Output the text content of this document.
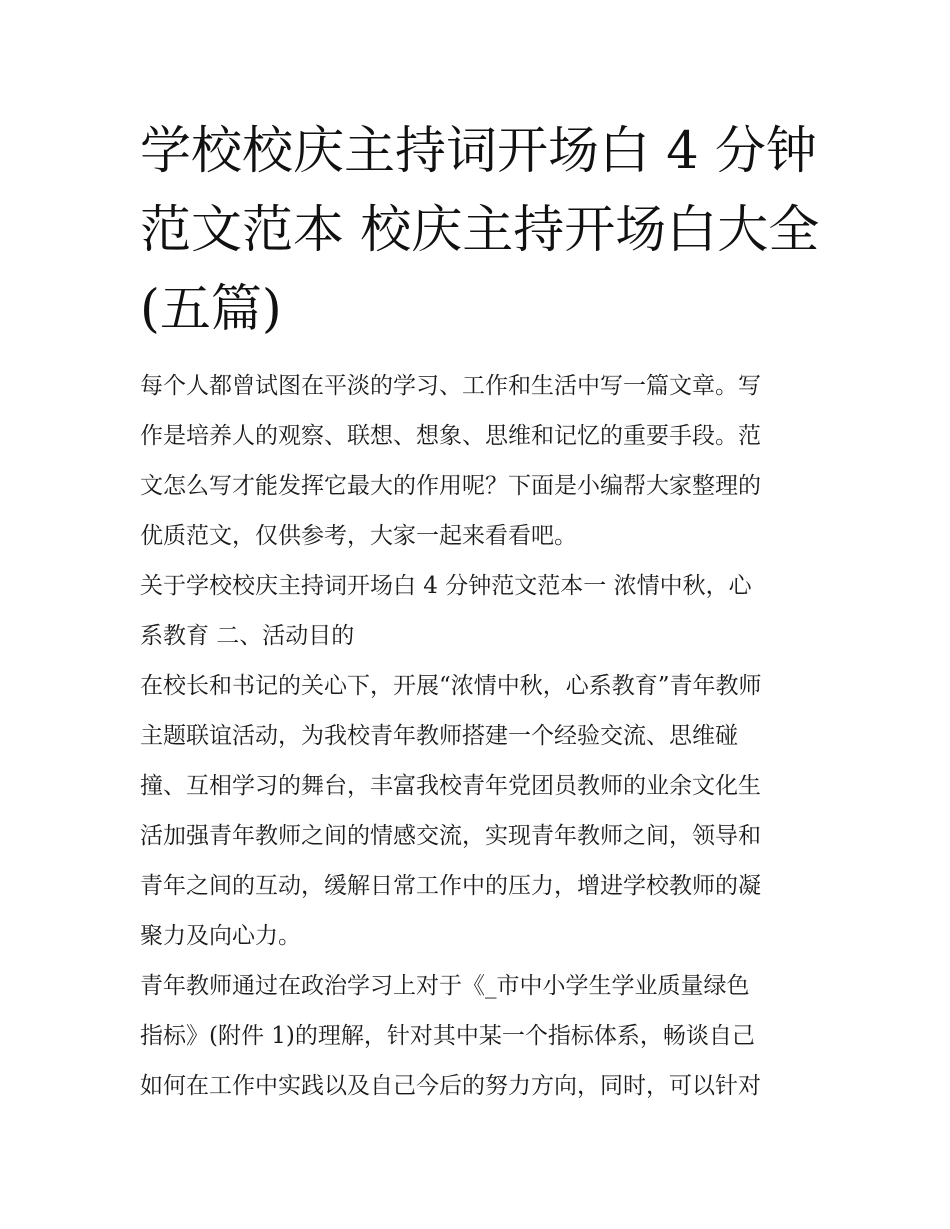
学校校庆主持词开场白 4 分钟
范文范本 校庆主持开场白大全
(五篇)

每个人都曾试图在平淡的学习、工作和生活中写一篇文章。写
作是培养人的观察、联想、想象、思维和记忆的重要手段。范
文怎么写才能发挥它最大的作用呢？下面是小编帮大家整理的
优质范文，仅供参考，大家一起来看看吧。

关于学校校庆主持词开场白 4 分钟范文范本一 浓情中秋，心
系教育 二、活动目的

在校长和书记的关心下，开展“浓情中秋，心系教育”青年教师
主题联谊活动，为我校青年教师搭建一个经验交流、思维碰
撞、互相学习的舞台，丰富我校青年党团员教师的业余文化生
活加强青年教师之间的情感交流，实现青年教师之间，领导和
青年之间的互动，缓解日常工作中的压力，增进学校教师的凝
聚力及向心力。

青年教师通过在政治学习上对于《_市中小学生学业质量绿色
指标》(附件 1)的理解，针对其中某一个指标体系，畅谈自己
如何在工作中实践以及自己今后的努力方向，同时，可以针对
